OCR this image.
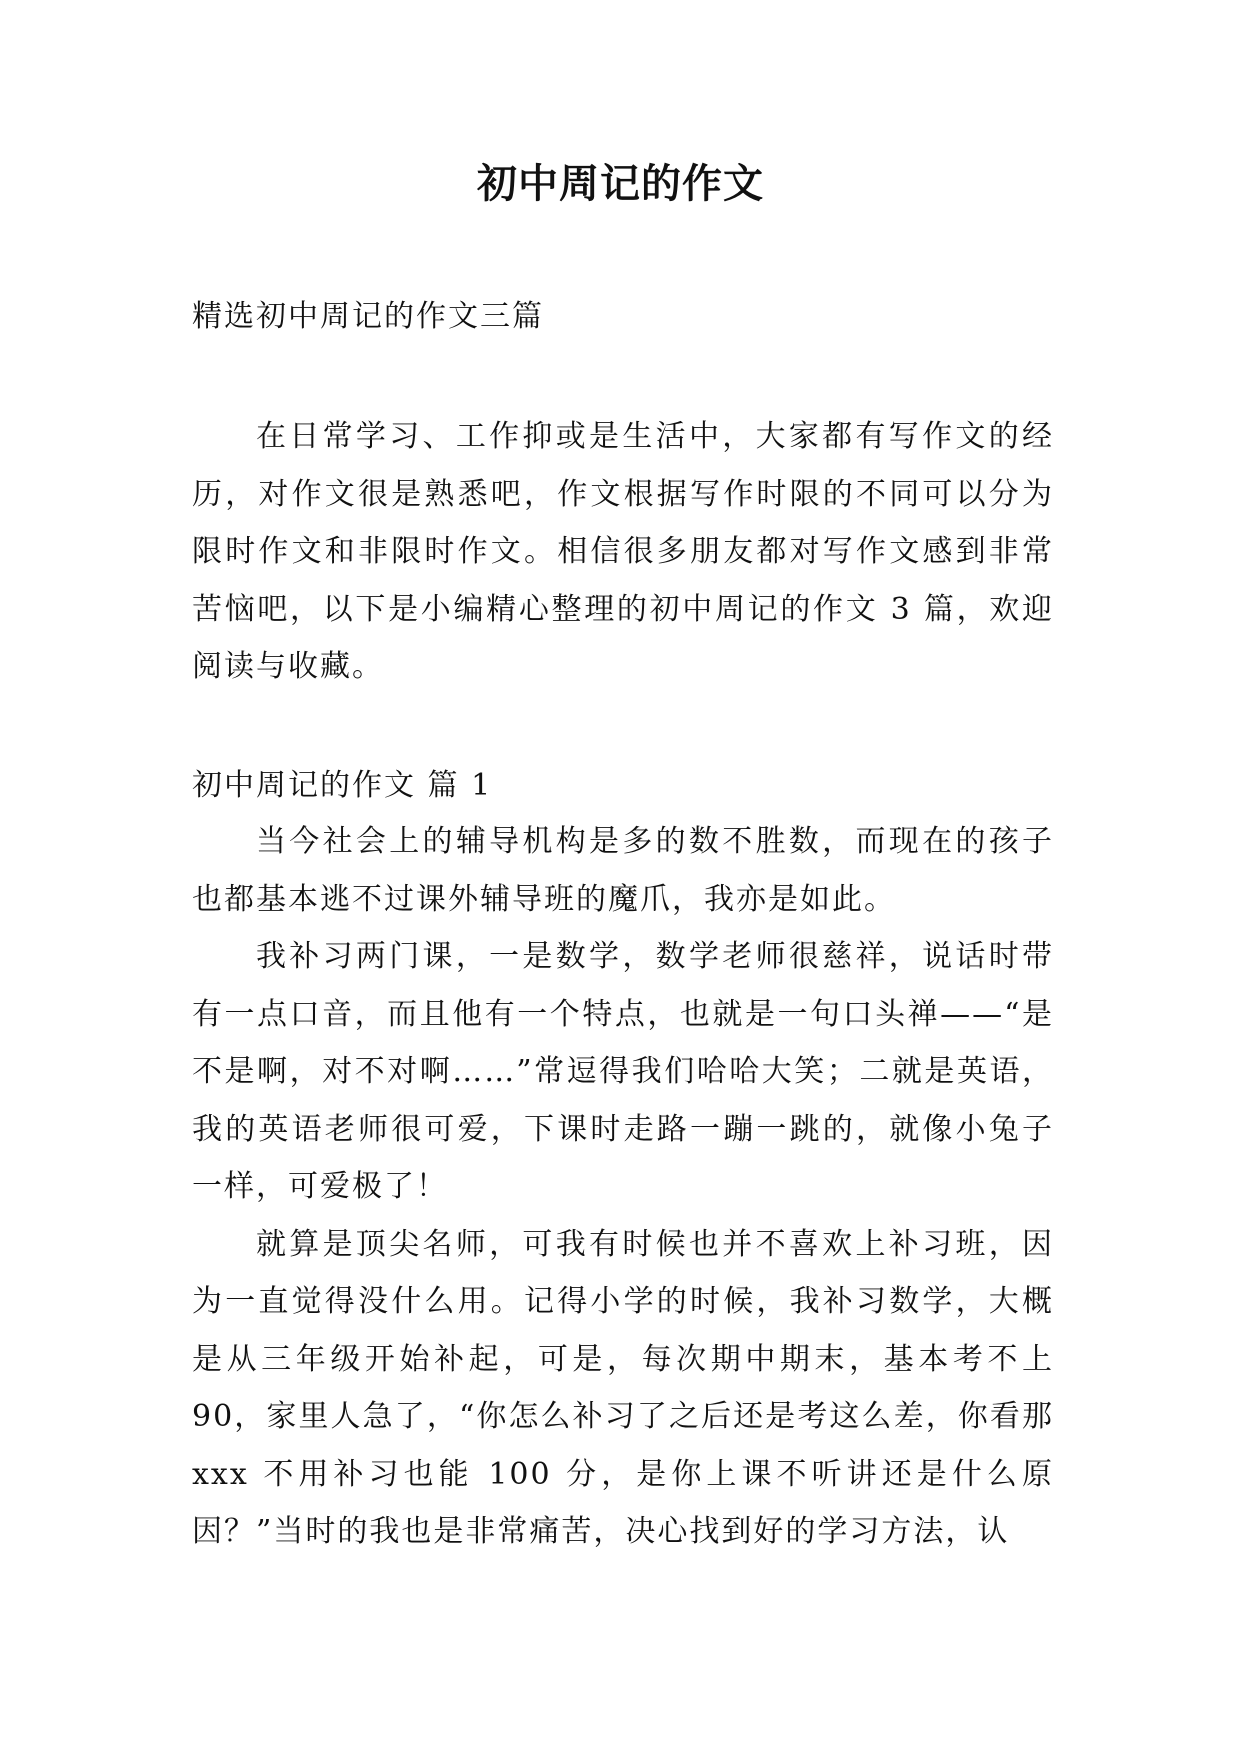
初中周记的作文
精选初中周记的作文三篇

在日常学习、工作抑或是生活中，大家都有写作文的经历，对作文很是熟悉吧，作文根据写作时限的不同可以分为限时作文和非限时作文。相信很多朋友都对写作文感到非常苦恼吧，以下是小编精心整理的初中周记的作文 3 篇，欢迎阅读与收藏。

初中周记的作文 篇 1

当今社会上的辅导机构是多的数不胜数，而现在的孩子也都基本逃不过课外辅导班的魔爪，我亦是如此。

我补习两门课，一是数学，数学老师很慈祥，说话时带有一点口音，而且他有一个特点，也就是一句口头禅——“是不是啊，对不对啊……”常逗得我们哈哈大笑；二就是英语，我的英语老师很可爱，下课时走路一蹦一跳的，就像小兔子一样，可爱极了！

就算是顶尖名师，可我有时候也并不喜欢上补习班，因为一直觉得没什么用。记得小学的时候，我补习数学，大概是从三年级开始补起，可是，每次期中期末，基本考不上 90，家里人急了，“你怎么补习了之后还是考这么差，你看那 xxx 不用补习也能 100 分，是你上课不听讲还是什么原因？”当时的我也是非常痛苦，决心找到好的学习方法，认
